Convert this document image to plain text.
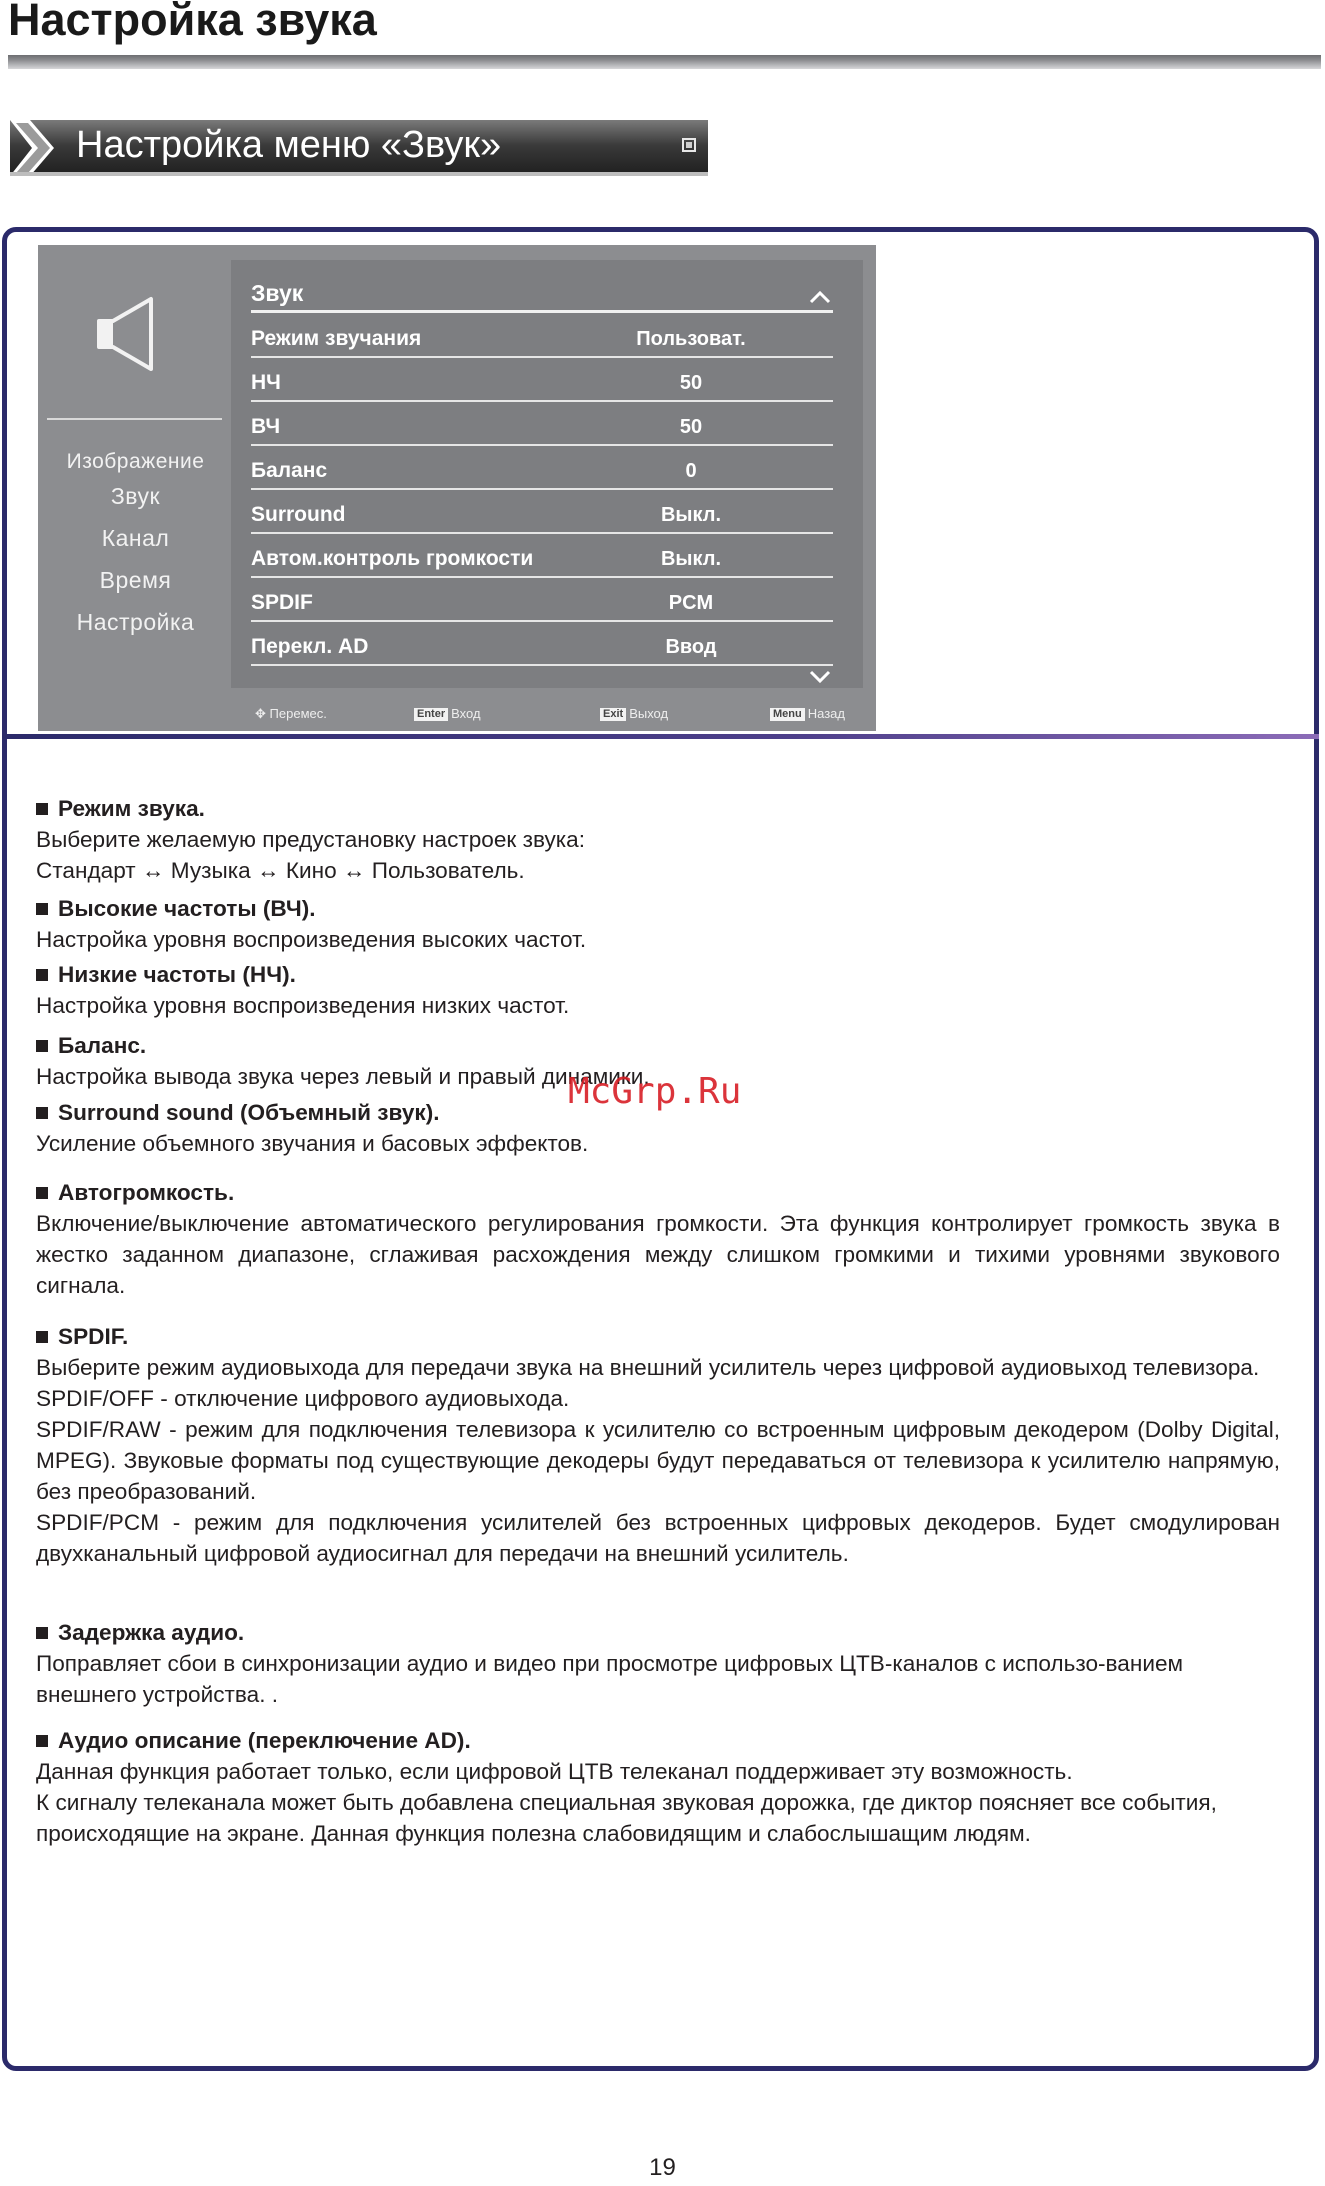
Настройка звука
Настройка меню «Звук»
Изображение
Звук
Канал
Время
Настройка
Звук
Режим звучания	Пользоват.
НЧ	50
ВЧ	50
Баланс	0
Surround	Выкл.
Автом.контроль громкости	Выкл.
SPDIF	PCM
Перекл. AD	Ввод
✥ Перемес.	Enter Вход	Exit Выход	Menu Назад
Режим звука.

Выберите желаемую предустановку настроек звука:

Стандарт ↔ Музыка ↔ Кино ↔ Пользователь.

Высокие частоты (ВЧ).

Настройка уровня воспроизведения высоких частот.

Низкие частоты (НЧ).

Настройка уровня воспроизведения низких частот.

Баланс.

Настройка вывода звука через левый и правый динамики.

Surround sound (Объемный звук).

Усиление объемного звучания и басовых эффектов.

Автогромкость.

Включение/выключение автоматического регулирования громкости. Эта функция контролирует громкость звука в жестко заданном диапазоне, сглаживая расхождения между слишком громкими и тихими уровнями звукового сигнала.

SPDIF.

Выберите режим аудиовыхода для передачи звука на внешний усилитель через цифровой аудиовыход телевизора.

SPDIF/OFF - отключение цифрового аудиовыхода.

SPDIF/RAW - режим для подключения телевизора к усилителю со встроенным цифровым декодером (Dolby Digital, MPEG). Звуковые форматы под существующие декодеры будут передаваться от телевизора к усилителю напрямую, без преобразований.

SPDIF/PCM - режим для подключения усилителей без встроенных цифровых декодеров. Будет смодулирован двухканальный цифровой аудиосигнал для передачи на внешний усилитель.

Задержка аудио.

Поправляет сбои в синхронизации аудио и видео при просмотре цифровых ЦТВ-каналов с использо-ванием внешнего устройства. .

Аудио описание (переключение AD).

Данная функция работает только, если цифровой ЦТВ телеканал поддерживает эту возможность.

К сигналу телеканала может быть добавлена специальная звуковая дорожка, где диктор поясняет все события, происходящие на экране. Данная функция полезна слабовидящим и слабослышащим людям.

McGrp.Ru
19
